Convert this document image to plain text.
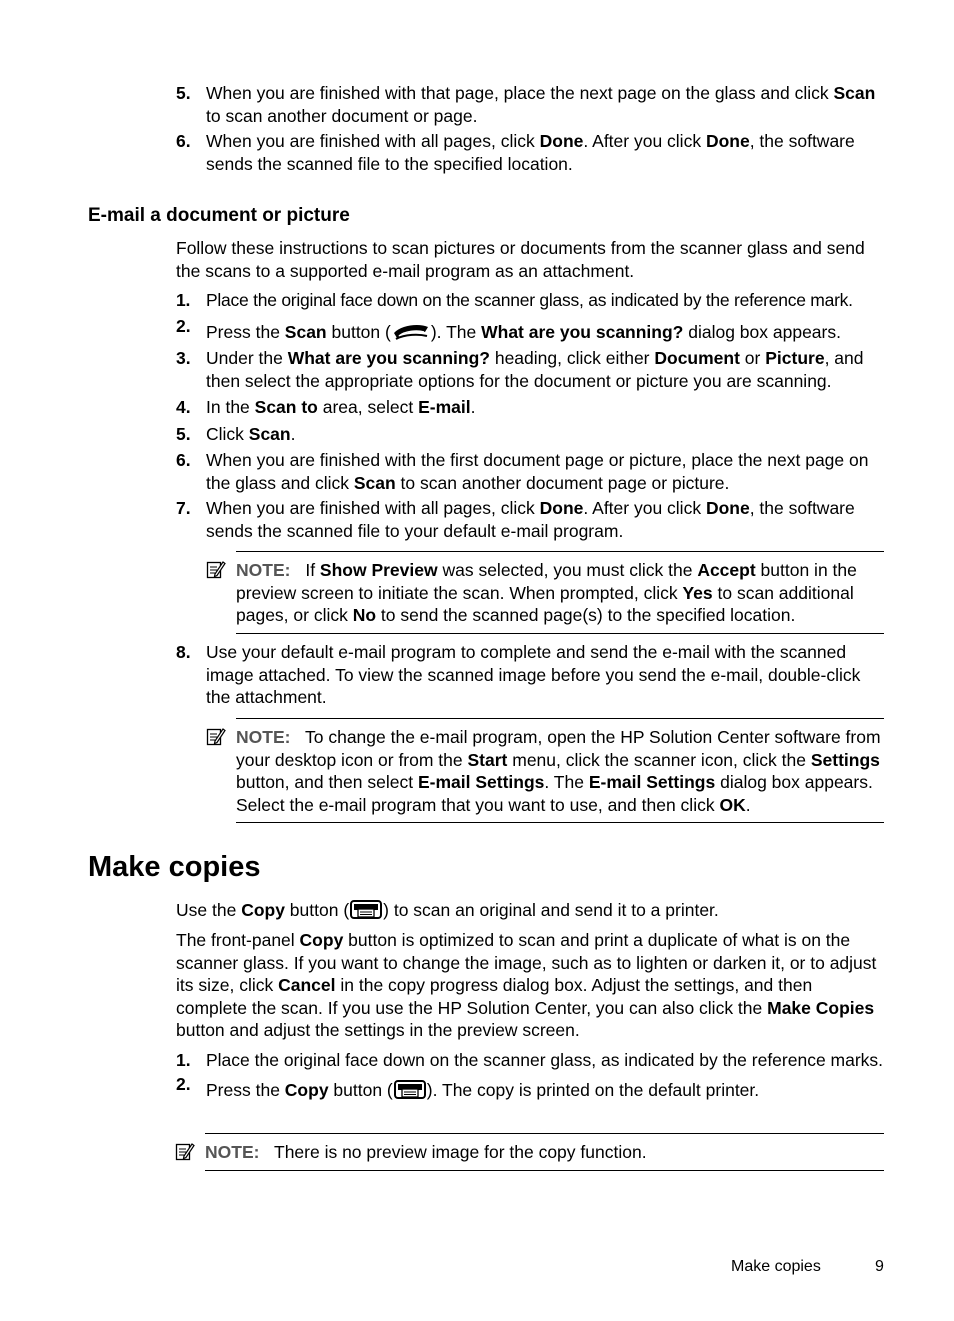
5. When you are finished with that page, place the next page on the glass and click Scan to scan another document or page.
6. When you are finished with all pages, click Done. After you click Done, the software sends the scanned file to the specified location.
E-mail a document or picture
Follow these instructions to scan pictures or documents from the scanner glass and send the scans to a supported e-mail program as an attachment.
1. Place the original face down on the scanner glass, as indicated by the reference mark.
2. Press the Scan button ( ). The What are you scanning? dialog box appears.
3. Under the What are you scanning? heading, click either Document or Picture, and then select the appropriate options for the document or picture you are scanning.
4. In the Scan to area, select E-mail.
5. Click Scan.
6. When you are finished with the first document page or picture, place the next page on the glass and click Scan to scan another document page or picture.
7. When you are finished with all pages, click Done. After you click Done, the software sends the scanned file to your default e-mail program.
NOTE: If Show Preview was selected, you must click the Accept button in the preview screen to initiate the scan. When prompted, click Yes to scan additional pages, or click No to send the scanned page(s) to the specified location.
8. Use your default e-mail program to complete and send the e-mail with the scanned image attached. To view the scanned image before you send the e-mail, double-click the attachment.
NOTE: To change the e-mail program, open the HP Solution Center software from your desktop icon or from the Start menu, click the scanner icon, click the Settings button, and then select E-mail Settings. The E-mail Settings dialog box appears. Select the e-mail program that you want to use, and then click OK.
Make copies
Use the Copy button ( ) to scan an original and send it to a printer.
The front-panel Copy button is optimized to scan and print a duplicate of what is on the scanner glass. If you want to change the image, such as to lighten or darken it, or to adjust its size, click Cancel in the copy progress dialog box. Adjust the settings, and then complete the scan. If you use the HP Solution Center, you can also click the Make Copies button and adjust the settings in the preview screen.
1. Place the original face down on the scanner glass, as indicated by the reference marks.
2. Press the Copy button ( ). The copy is printed on the default printer.
NOTE: There is no preview image for the copy function.
Make copies	9
